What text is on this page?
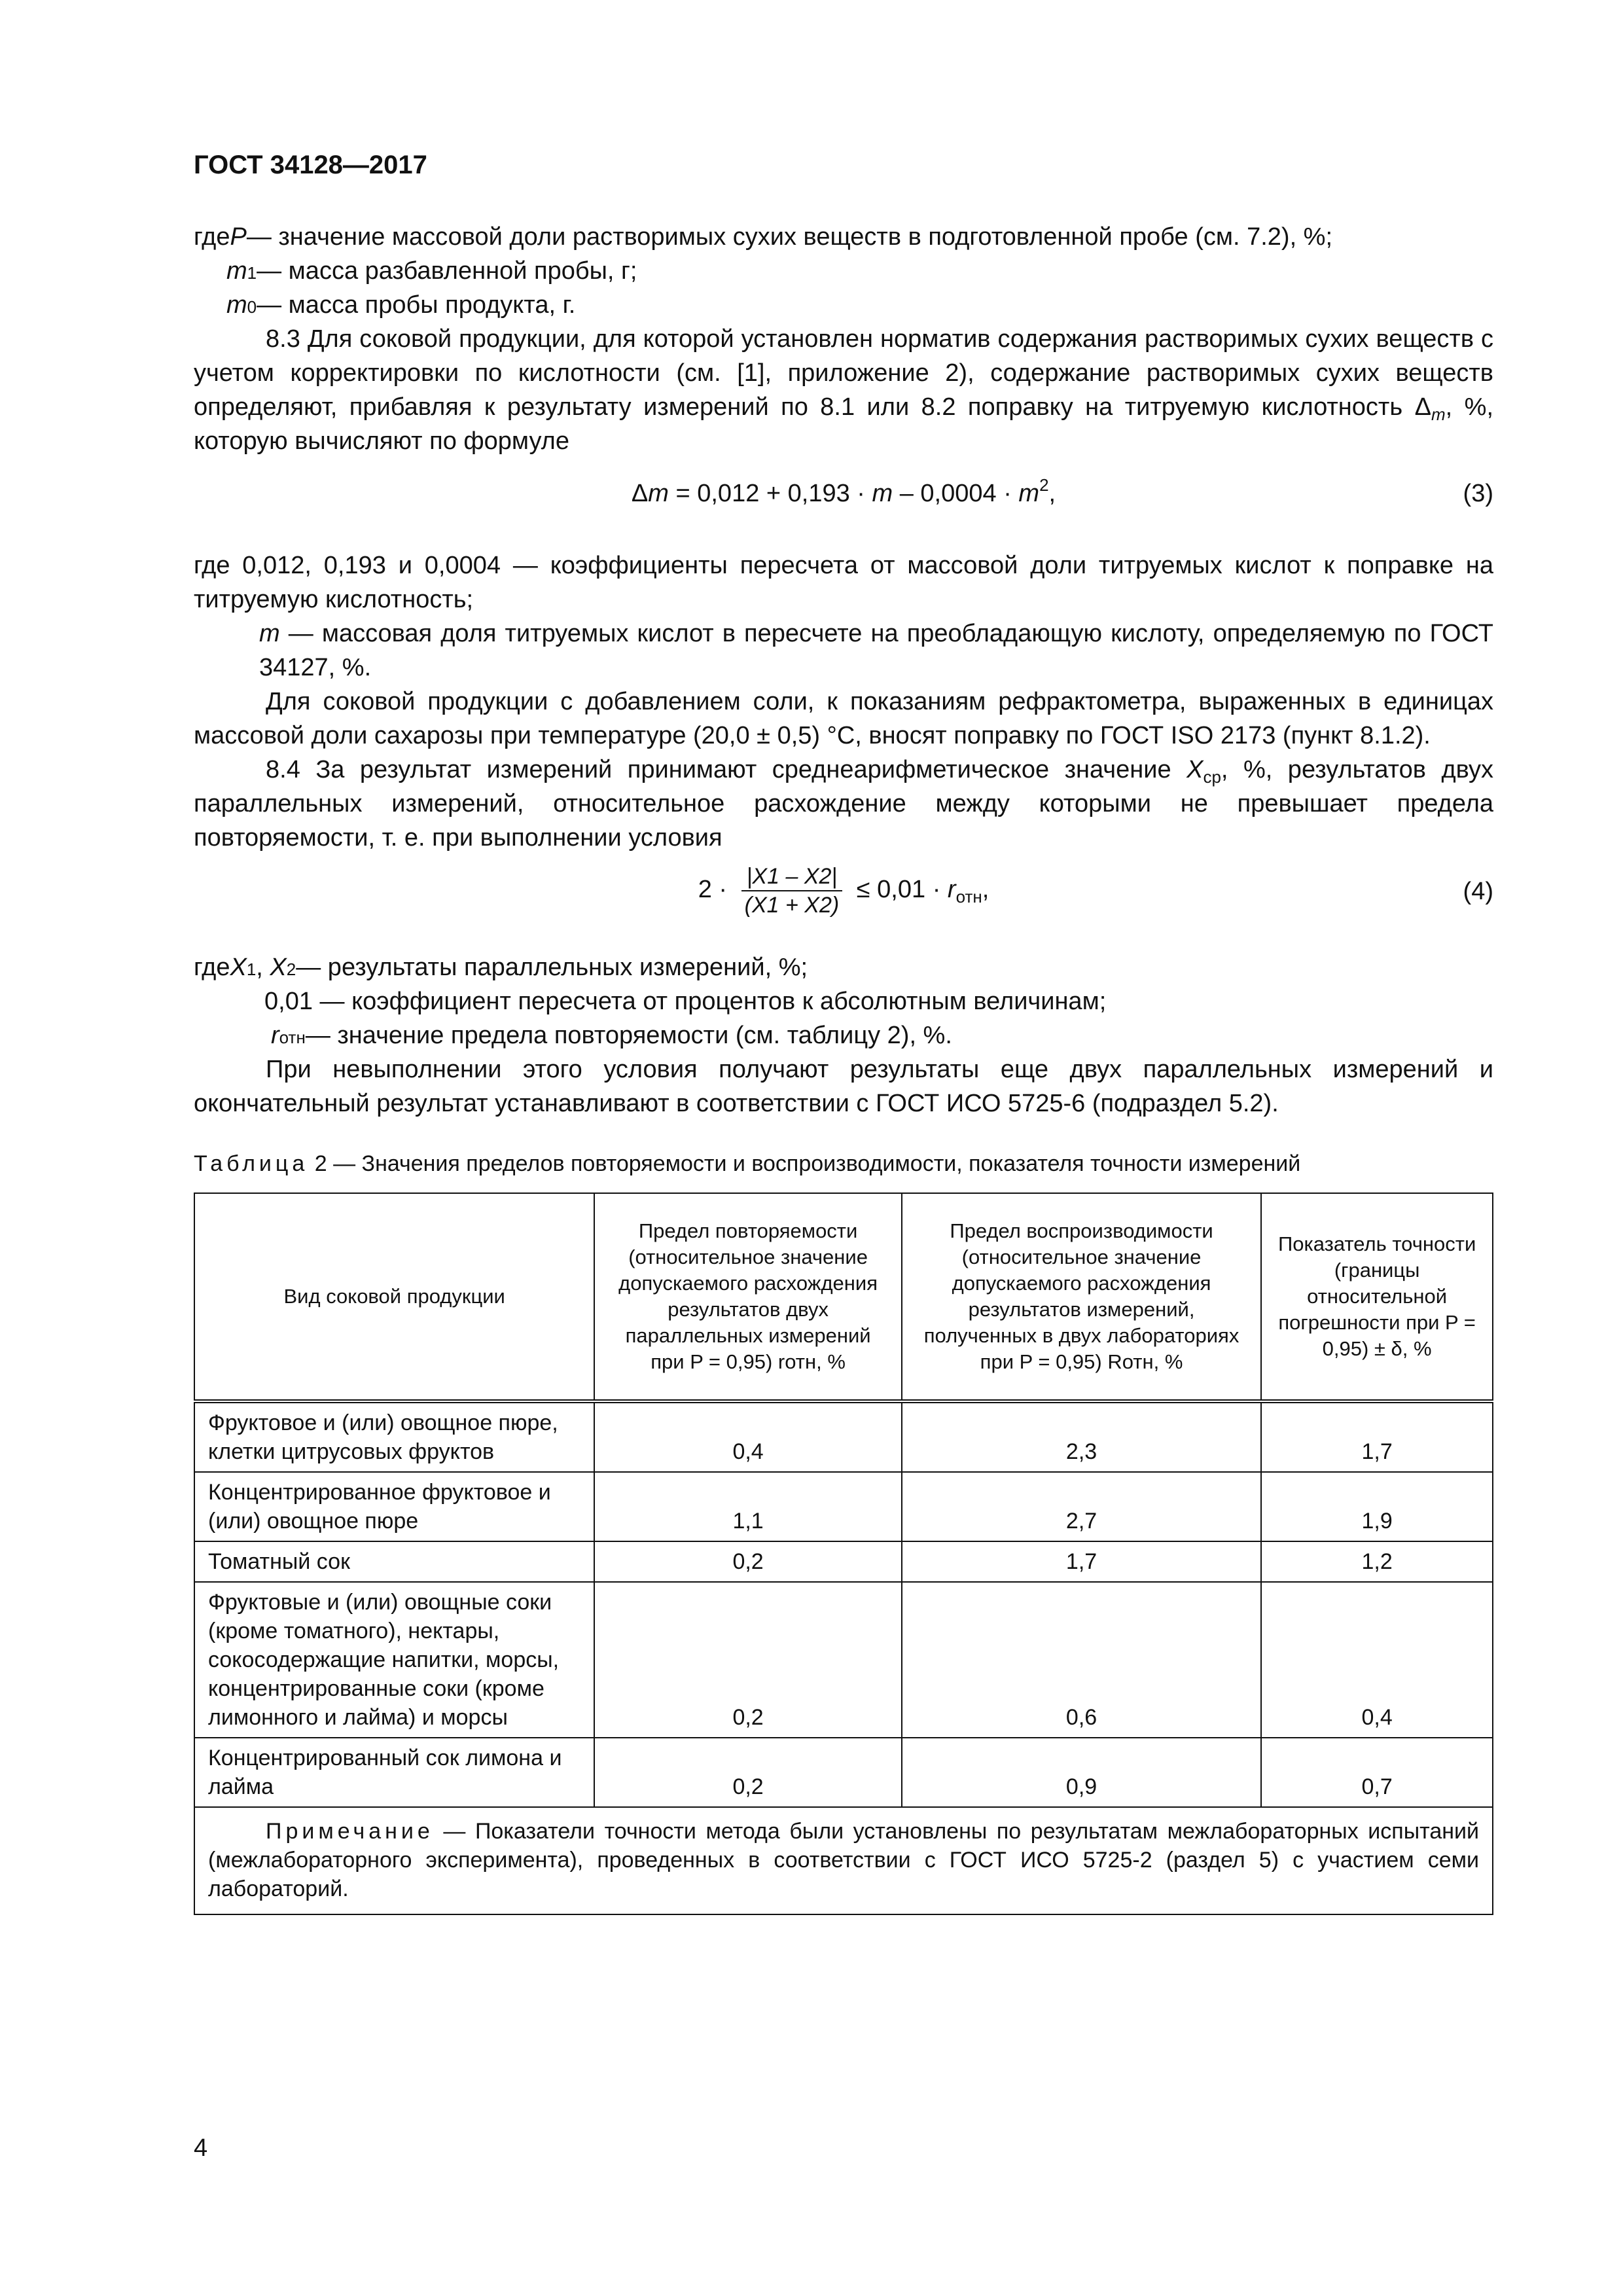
ГОСТ 34128—2017
где P — значение массовой доли растворимых сухих веществ в подготовленной пробе (см. 7.2), %;
m 1 — масса разбавленной пробы, г;
m 0 — масса пробы продукта, г.

8.3 Для соковой продукции, для которой установлен норматив содержания растворимых сухих веществ с учетом корректировки по кислотности (см. [1], приложение 2), содержание растворимых сухих веществ определяют, прибавляя к результату измерений по 8.1 или 8.2 поправку на титруемую кислотность $\Delta_m$, %, которую вычисляют по формуле

$\Delta m = 0,012 + 0,193 \cdot m - 0,0004 \cdot m^2$,	(3)

где 0,012, 0,193 и 0,0004 — коэффициенты пересчета от массовой доли титруемых кислот к поправке на титруемую кислотность;

m — массовая доля титруемых кислот в пересчете на преобладающую кислоту, определяемую по ГОСТ 34127, %.

Для соковой продукции с добавлением соли, к показаниям рефрактометра, выраженных в единицах массовой доли сахарозы при температуре (20,0 ± 0,5) °С, вносят поправку по ГОСТ ISO 2173 (пункт 8.1.2).

8.4 За результат измерений принимают среднеарифметическое значение $X_{ср}$, %, результатов двух параллельных измерений, относительное расхождение между которыми не превышает предела повторяемости, т. е. при выполнении условия

$2 \cdot \frac{|X1 - X2|}{(X1 + X2)} \le 0,01 \cdot r_{отн}$,	(4)
где X 1 , X 2 — результаты параллельных измерений, %;
0,01 — коэффициент пересчета от процентов к абсолютным величинам;
r отн — значение предела повторяемости (см. таблицу 2), %.

При невыполнении этого условия получают результаты еще двух параллельных измерений и окончательный результат устанавливают в соответствии с ГОСТ ИСО 5725-6 (подраздел 5.2).

Таблица 2 — Значения пределов повторяемости и воспроизводимости, показателя точности измерений
Вид соковой продукции	Предел повторяемости (относительное значение допускаемого расхождения результатов двух параллельных измерений при P = 0,95) rотн, %	Предел воспроизводимости (относительное значение допускаемого расхождения результатов измерений, полученных в двух лабораториях при P = 0,95) Rотн, %	Показатель точности (границы относительной погрешности при P = 0,95) ± δ, %
Фруктовое и (или) овощное пюре, клетки цитрусовых фруктов	0,4	2,3	1,7
Концентрированное фруктовое и (или) овощное пюре	1,1	2,7	1,9
Томатный сок	0,2	1,7	1,2
Фруктовые и (или) овощные соки (кроме томатного), нектары, сокосодержащие напитки, морсы, концентрированные соки (кроме лимонного и лайма) и морсы	0,2	0,6	0,4
Концентрированный сок лимона и лайма	0,2	0,9	0,7
Примечание — Показатели точности метода были установлены по результатам межлабораторных испытаний (межлабораторного эксперимента), проведенных в соответствии с ГОСТ ИСО 5725-2 (раздел 5) с участием семи лабораторий.			
4
